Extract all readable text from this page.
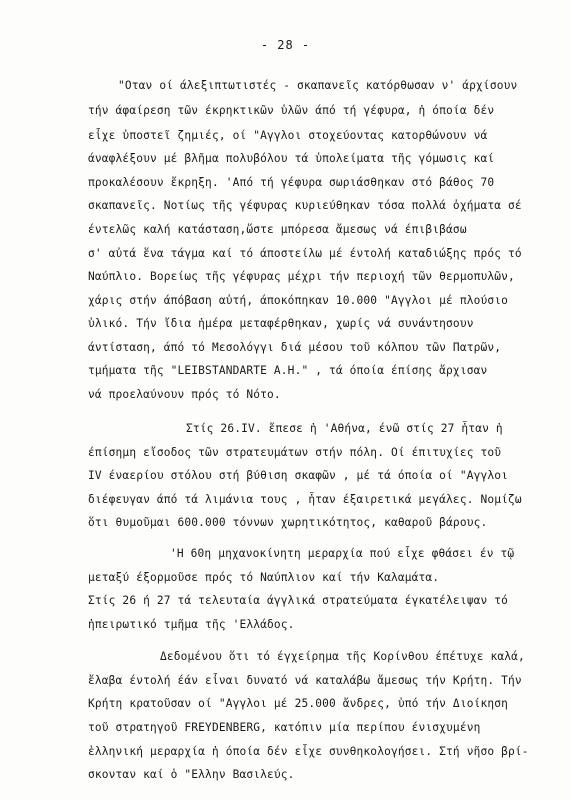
- 28 -
"Οταν οί άλεξιπτωτιστές - σκαπανεῖς κατόρθωσαν ν' άρχίσουν
τήν άφαίρεση τῶν έκρηκτικῶν ὑλῶν άπό τή γέφυρα, ἡ όποία δέν
εἶχε ὑποστεῖ ζημιές, οί "Αγγλοι στοχεύοντας κατορθώνουν νά
άναφλέξουν μέ βλῆμα πολυβόλου τά ὑπολείματα τῆς γόμωσις καί
προκαλέσουν ἔκρηξη. 'Από τή γέφυρα σωριάσθηκαν στό βάθος 70
σκαπανεῖς. Νοτίως τῆς γέφυρας κυριεύθηκαν τόσα πολλά ὀχήματα σέ
έντελῶς καλή κατάσταση,ὥστε μπόρεσα ἄμεσως νά έπιβιβάσω
σ' αὐτά ἕνα τάγμα καί τό άποστείλω μέ έντολή καταδιώξης πρός τό
Ναύπλιο. Βορείως τῆς γέφυρας μέχρι τήν περιοχή τῶν θερμοπυλῶν,
χάρις στήν άπόβαση αὐτή, άποκόπηκαν 10.000 "Αγγλοι μέ πλούσιο
ὑλικό. Τήν ἴδια ἡμέρα μεταφέρθηκαν, χωρίς νά συνάντησουν
άντίσταση, άπό τό Μεσολόγγι διά μέσου τοῦ κόλπου τῶν Πατρῶν,
τμήματα τῆς "LEIBSTANDARTE A.H." , τά όποία έπίσης ἄρχισαν
νά προελαύνουν πρός τό Νότο.
Στίς 26.IV. ἔπεσε ἡ 'Αθήνα, ένῶ στίς 27 ἦταν ἡ
έπίσημη εἴσοδος τῶν στρατευμάτων στήν πόλη. Οί έπιτυχίες τοῦ
IV έναερίου στόλου στή βύθιση σκαφῶν , μέ τά όποία οί "Αγγλοι
διέφευγαν άπό τά λιμάνια τους , ἦταν έξαιρετικά μεγάλες. Νομίζω
ὅτι θυμοῦμαι 600.000 τόννων χωρητικότητος, καθαροῦ βάρους.
'Η 60η μηχανοκίνητη μεραρχία πού εἶχε φθάσει έν τῷ
μεταξύ έξορμοῦσε πρός τό Ναύπλιον καί τήν Καλαμάτα.
Στίς 26 ή 27 τά τελευταία άγγλικά στρατεύματα έγκατέλειψαν τό
ἠπειρωτικό τμῆμα τῆς 'Ελλάδος.
Δεδομένου ὅτι τό έγχείρημα τῆς Κορίνθου έπέτυχε καλά,
ἔλαβα έντολή έάν εἶναι δυνατό νά καταλάβω ἄμεσως τήν Κρήτη. Τήν
Κρήτη κρατοῦσαν οί "Αγγλοι μέ 25.000 ἄνδρες, ὑπό τήν Διοίκηση
τοῦ στρατηγοῦ FREYDENBERG, κατόπιν μία περίπου ένισχυμένη
ἑλληνική μεραρχία ἡ όποία δέν εἶχε συνθηκολογήσει. Στή νῆσο βρί-
σκονταν καί ὁ "Ελλην Βασιλεύς.
